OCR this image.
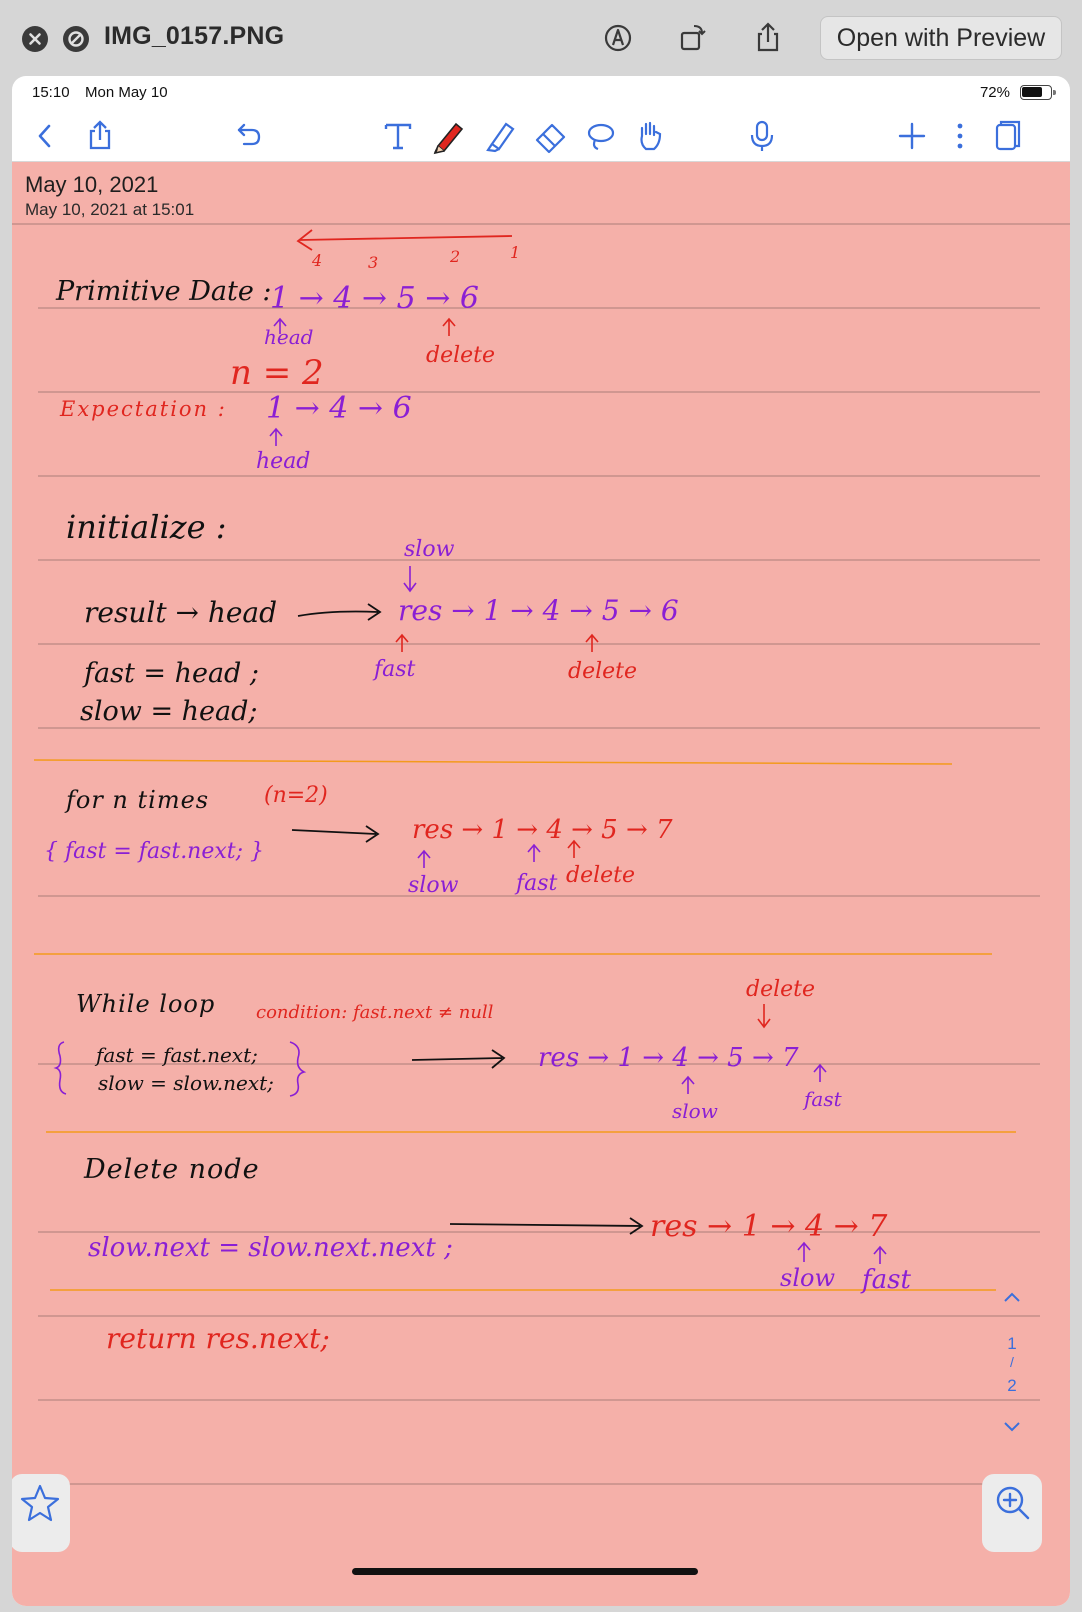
IMG_0157.PNG	Open with Preview
15:10 Mon May 10	72%
May 10, 2021
May 10, 2021 at 15:01
4	3	2	1
Primitive Date :
1 → 4 → 5 → 6
head
delete
n = 2
Expectation : 1 → 4 → 6
head
initialize :
slow
result → head	res → 1 → 4 → 5 → 6
fast	delete
fast = head ;
slow = head;
for n times (n=2)
{ fast = fast.next; }
res → 1 → 4 → 5 → 7
slow	fast delete
delete
While loop condition: fast.next ≠ null
fast = fast.next;
slow = slow.next;
res → 1 → 4 → 5 → 7
slow	fast
Delete node
slow.next = slow.next.next ;
res → 1 → 4 → 7
slow fast
return res.next;	1
/
2
